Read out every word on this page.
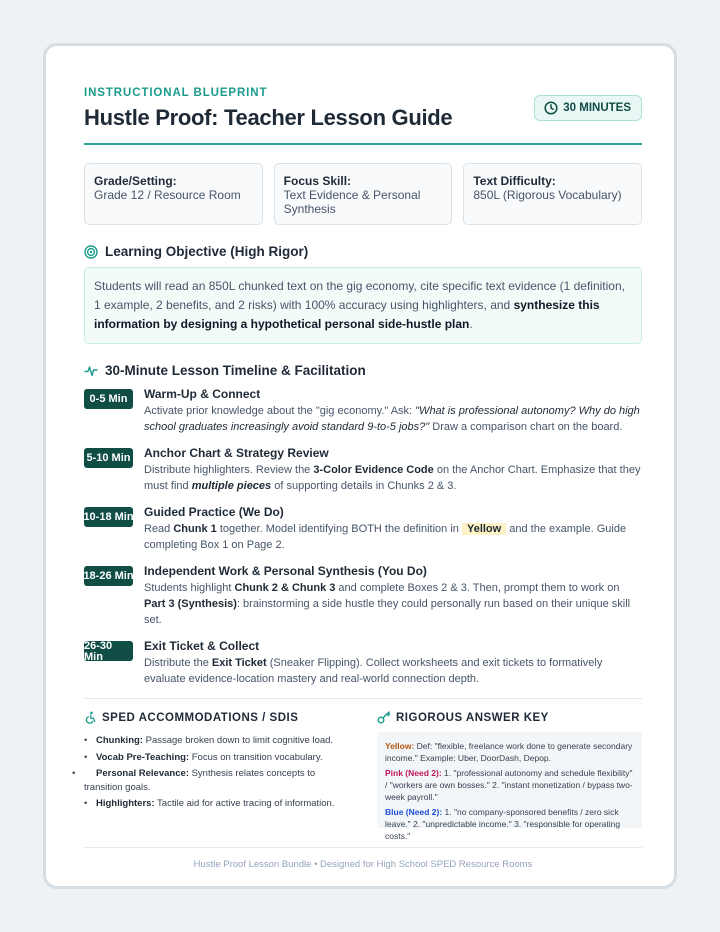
INSTRUCTIONAL BLUEPRINT
Hustle Proof: Teacher Lesson Guide	30 MINUTES
Grade/Setting:
Grade 12 / Resource Room
Focus Skill:
Text Evidence & Personal Synthesis
Text Difficulty:
850L (Rigorous Vocabulary)
Learning Objective (High Rigor)
Students will read an 850L chunked text on the gig economy, cite specific text evidence (1 definition, 1 example, 2 benefits, and 2 risks) with 100% accuracy using highlighters, and synthesize this information by designing a hypothetical personal side-hustle plan.
30-Minute Lesson Timeline & Facilitation
0-5 Min	Warm-Up & Connect
Activate prior knowledge about the "gig economy." Ask: "What is professional autonomy? Why do high school graduates increasingly avoid standard 9-to-5 jobs?" Draw a comparison chart on the board.
5-10 Min Anchor Chart & Strategy Review
Distribute highlighters. Review the 3-Color Evidence Code on the Anchor Chart. Emphasize that they must find multiple pieces of supporting details in Chunks 2 & 3.
10-18 Min Guided Practice (We Do)
Read Chunk 1 together. Model identifying BOTH the definition in Yellow and the example. Guide completing Box 1 on Page 2.
18-26 Min Independent Work & Personal Synthesis (You Do)
Students highlight Chunk 2 & Chunk 3 and complete Boxes 2 & 3. Then, prompt them to work on Part 3 (Synthesis): brainstorming a side hustle they could personally run based on their unique skill set.
26-30 Min
Exit Ticket & Collect
Distribute the Exit Ticket (Sneaker Flipping). Collect worksheets and exit tickets to formatively evaluate evidence-location mastery and real-world connection depth.
SPED ACCOMMODATIONS / SDIS
• Chunking: Passage broken down to limit cognitive load.
• Vocab Pre-Teaching: Focus on transition vocabulary.
• Personal Relevance: Synthesis relates concepts to transition goals.
• Highlighters: Tactile aid for active tracing of information.
RIGOROUS ANSWER KEY

Yellow: Def: "flexible, freelance work done to generate secondary income." Example: Uber, DoorDash, Depop.

Pink (Need 2): 1. "professional autonomy and schedule flexibility" / "workers are own bosses." 2. "instant monetization / bypass two-week payroll."

Blue (Need 2): 1. "no company-sponsored benefits / zero sick leave." 2. "unpredictable income." 3. "responsible for operating costs."

Hustle Proof Lesson Bundle • Designed for High School SPED Resource Rooms
